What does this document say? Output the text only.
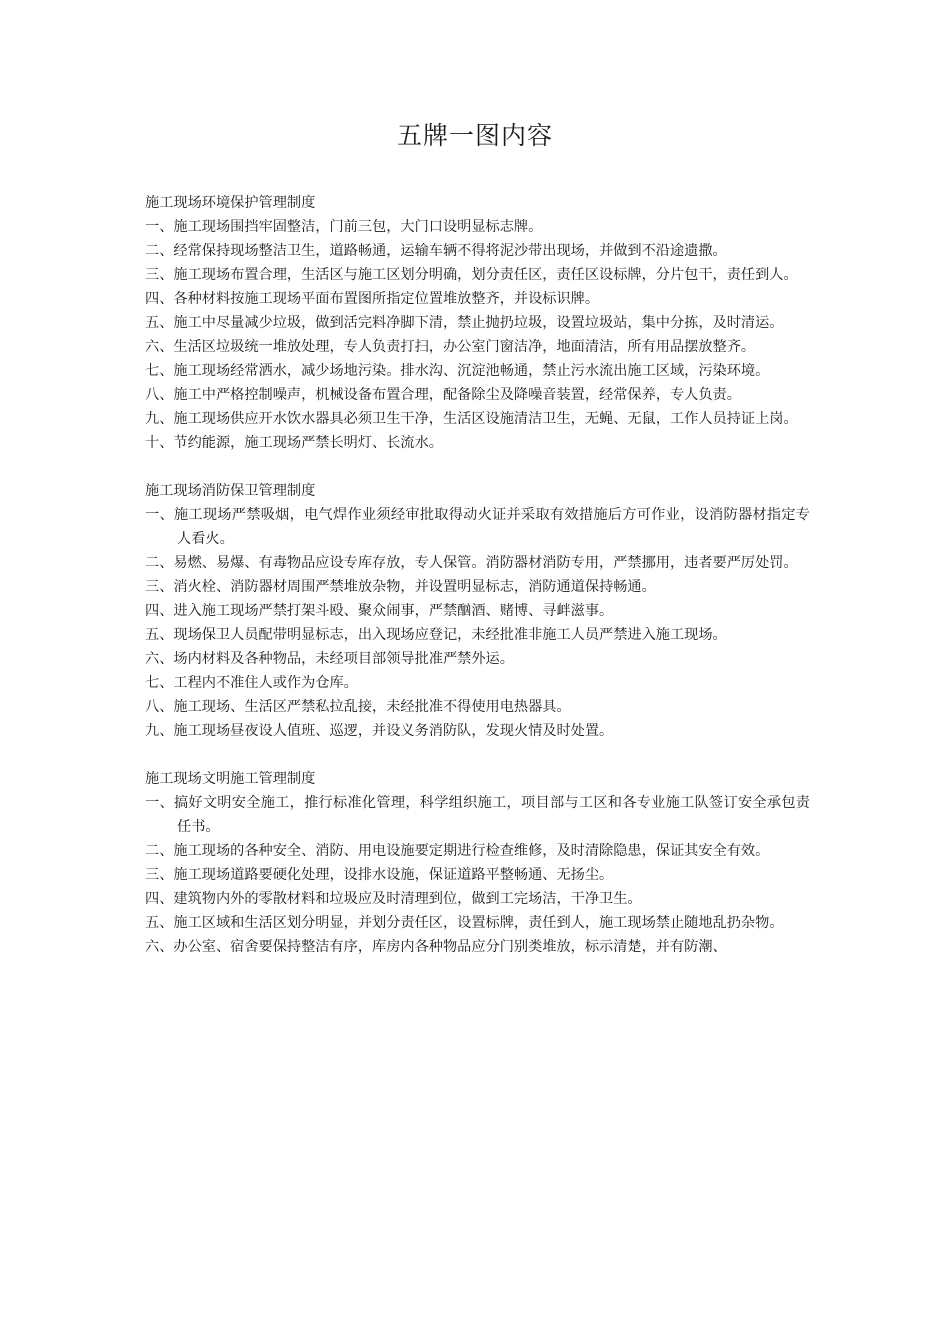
五牌一图内容
施工现场环境保护管理制度
一、施工现场围挡牢固整洁，门前三包，大门口设明显标志牌。
二、经常保持现场整洁卫生，道路畅通，运输车辆不得将泥沙带出现场，并做到不沿途遗撒。
三、施工现场布置合理，生活区与施工区划分明确，划分责任区，责任区设标牌，分片包干，责任到人。
四、各种材料按施工现场平面布置图所指定位置堆放整齐，并设标识牌。
五、施工中尽量减少垃圾，做到活完料净脚下清，禁止抛扔垃圾，设置垃圾站，集中分拣，及时清运。
六、生活区垃圾统一堆放处理，专人负责打扫，办公室门窗洁净，地面清洁，所有用品摆放整齐。
七、施工现场经常洒水，减少场地污染。排水沟、沉淀池畅通，禁止污水流出施工区域，污染环境。
八、施工中严格控制噪声，机械设备布置合理，配备除尘及降噪音装置，经常保养，专人负责。
九、施工现场供应开水饮水器具必须卫生干净，生活区设施清洁卫生，无蝇、无鼠，工作人员持证上岗。
十、节约能源，施工现场严禁长明灯、长流水。
施工现场消防保卫管理制度
一、施工现场严禁吸烟，电气焊作业须经审批取得动火证并采取有效措施后方可作业，设消防器材指定专人看火。
二、易燃、易爆、有毒物品应设专库存放，专人保管。消防器材消防专用，严禁挪用，违者要严厉处罚。
三、消火栓、消防器材周围严禁堆放杂物，并设置明显标志，消防通道保持畅通。
四、进入施工现场严禁打架斗殴、聚众闹事，严禁酗酒、赌博、寻衅滋事。
五、现场保卫人员配带明显标志，出入现场应登记，未经批准非施工人员严禁进入施工现场。
六、场内材料及各种物品，未经项目部领导批准严禁外运。
七、工程内不准住人或作为仓库。
八、施工现场、生活区严禁私拉乱接，未经批准不得使用电热器具。
九、施工现场昼夜设人值班、巡逻，并设义务消防队，发现火情及时处置。
施工现场文明施工管理制度
一、搞好文明安全施工，推行标准化管理，科学组织施工，项目部与工区和各专业施工队签订安全承包责任书。
二、施工现场的各种安全、消防、用电设施要定期进行检查维修，及时清除隐患，保证其安全有效。
三、施工现场道路要硬化处理，设排水设施，保证道路平整畅通、无扬尘。
四、建筑物内外的零散材料和垃圾应及时清理到位，做到工完场洁，干净卫生。
五、施工区域和生活区划分明显，并划分责任区，设置标牌，责任到人，施工现场禁止随地乱扔杂物。
六、办公室、宿舍要保持整洁有序，库房内各种物品应分门别类堆放，标示清楚，并有防潮、
